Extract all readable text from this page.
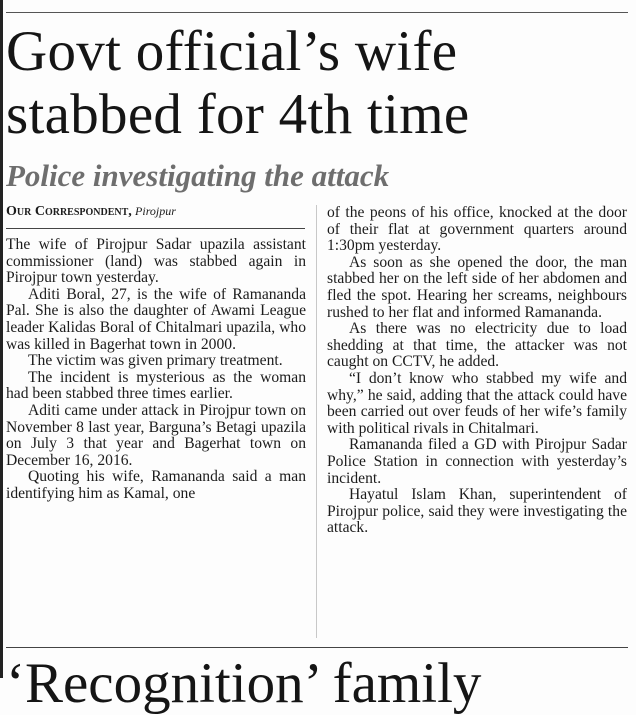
Govt official’s wife
stabbed for 4th time
Police investigating the attack
Our Correspondent, Pirojpur

The wife of Pirojpur Sadar upazila assistant commissioner (land) was stabbed again in Pirojpur town yesterday.

Aditi Boral, 27, is the wife of Ramananda Pal. She is also the daughter of Awami League leader Kalidas Boral of Chitalmari upazila, who was killed in Bagerhat town in 2000.

The victim was given primary treatment.

The incident is mysterious as the woman had been stabbed three times earlier.

Aditi came under attack in Pirojpur town on November 8 last year, Barguna’s Betagi upazila on July 3 that year and Bagerhat town on December 16, 2016.

Quoting his wife, Ramananda said a man identifying him as Kamal, one

of the peons of his office, knocked at the door of their flat at government quarters around 1:30pm yesterday.

As soon as she opened the door, the man stabbed her on the left side of her abdomen and fled the spot. Hearing her screams, neighbours rushed to her flat and informed Ramananda.

As there was no electricity due to load shedding at that time, the attacker was not caught on CCTV, he added.

“I don’t know who stabbed my wife and why,” he said, adding that the attack could have been carried out over feuds of her wife’s family with political rivals in Chitalmari.

Ramananda filed a GD with Pirojpur Sadar Police Station in connection with yesterday’s incident.

Hayatul Islam Khan, superintendent of Pirojpur police, said they were investigating the attack.

‘Recognition’ family
